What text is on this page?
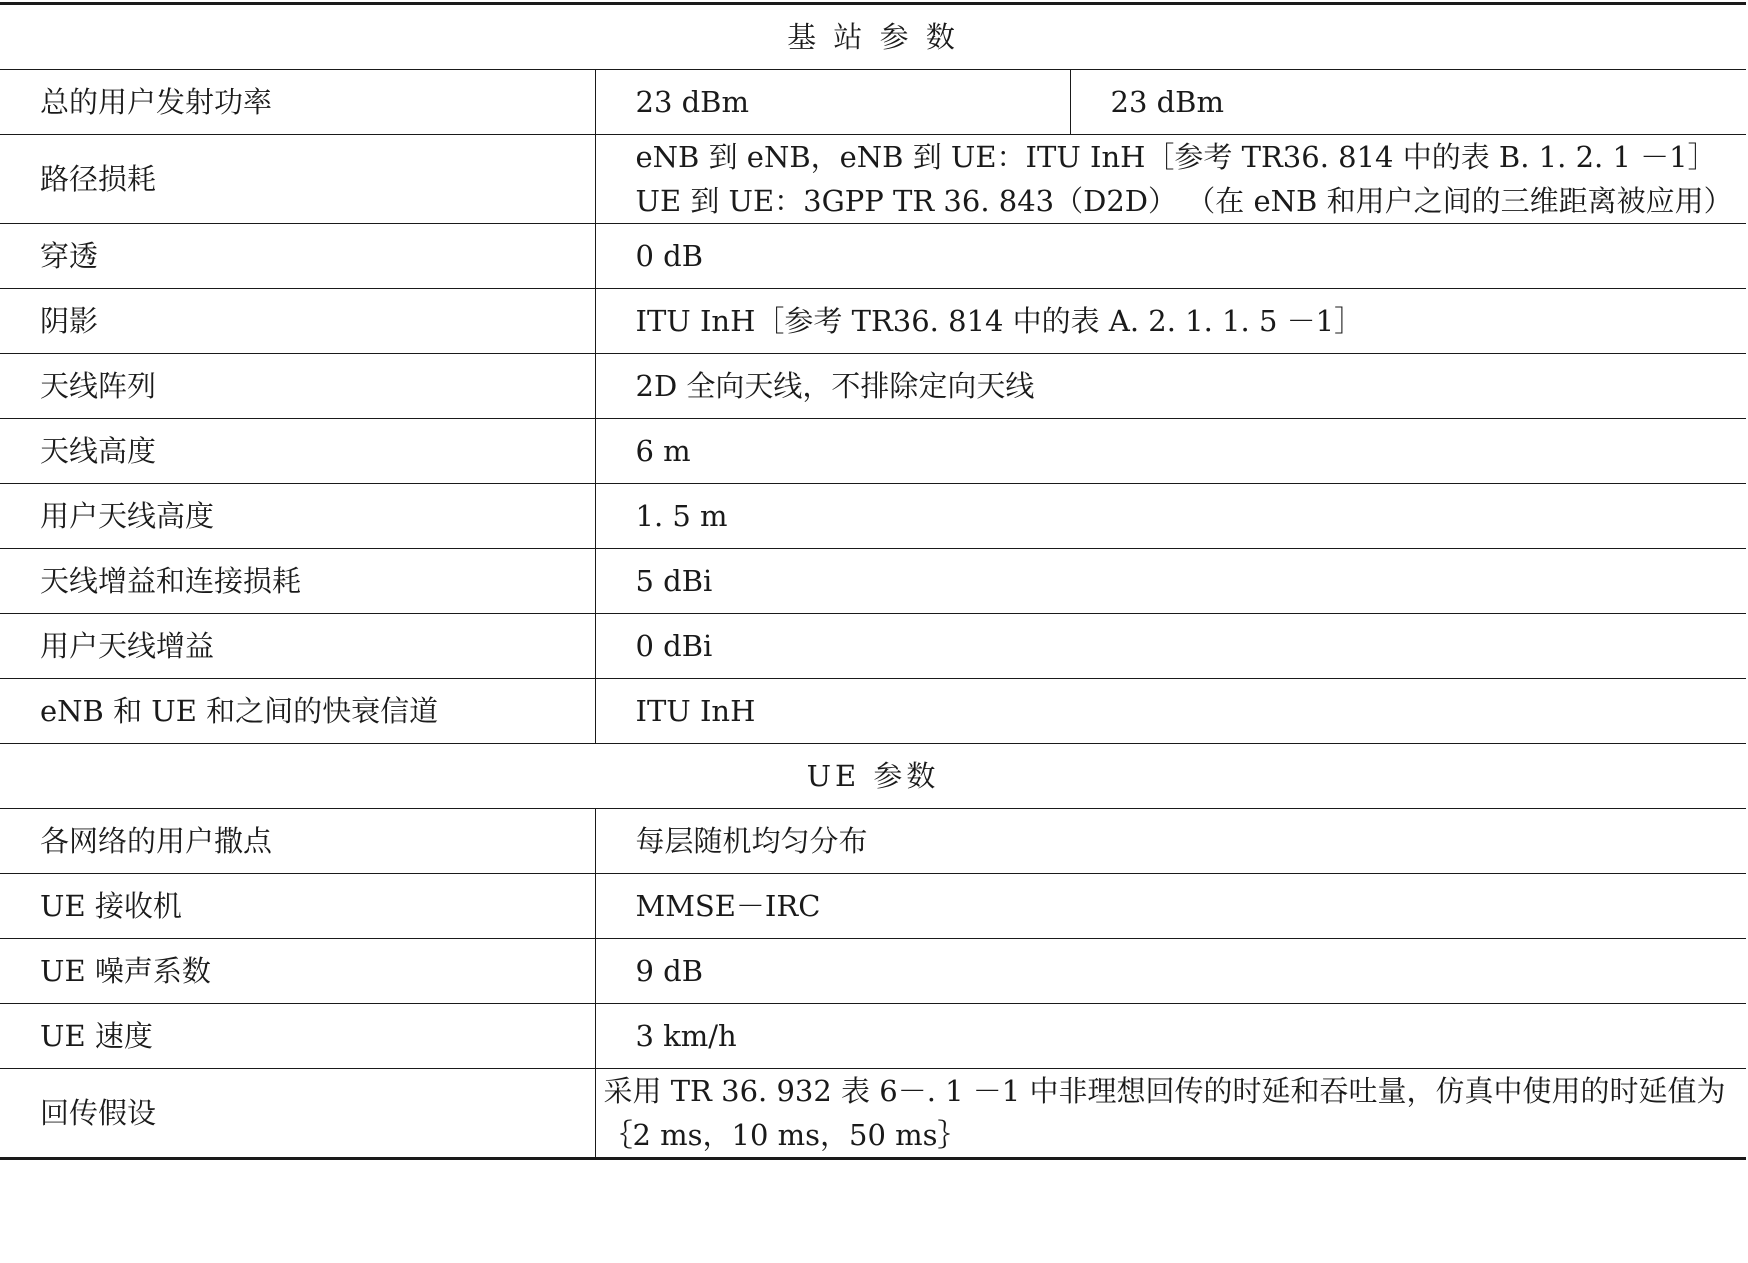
基 站 参 数		
总的用户发射功率	23 dBm	23 dBm
路径损耗	eNB 到 eNB，eNB 到 UE：ITU InH［参考 TR36. 814 中的表 B. 1. 2. 1 －1］ UE 到 UE：3GPP TR 36. 843（D2D） （在 eNB 和用户之间的三维距离被应用）	
穿透	0 dB	
阴影	ITU InH［参考 TR36. 814 中的表 A. 2. 1. 1. 5 －1］	
天线阵列	2D 全向天线，不排除定向天线	
天线高度	6 m	
用户天线高度	1. 5 m	
天线增益和连接损耗	5 dBi	
用户天线增益	0 dBi	
eNB 和 UE 和之间的快衰信道	ITU InH	
UE 参数		
各网络的用户撒点	每层随机均匀分布	
UE 接收机	MMSE－IRC	
UE 噪声系数	9 dB	
UE 速度	3 km/h	
回传假设	采用 TR 36. 932 表 6－. 1 －1 中非理想回传的时延和吞吐量，仿真中使用的时延值为｛2 ms，10 ms，50 ms｝	
